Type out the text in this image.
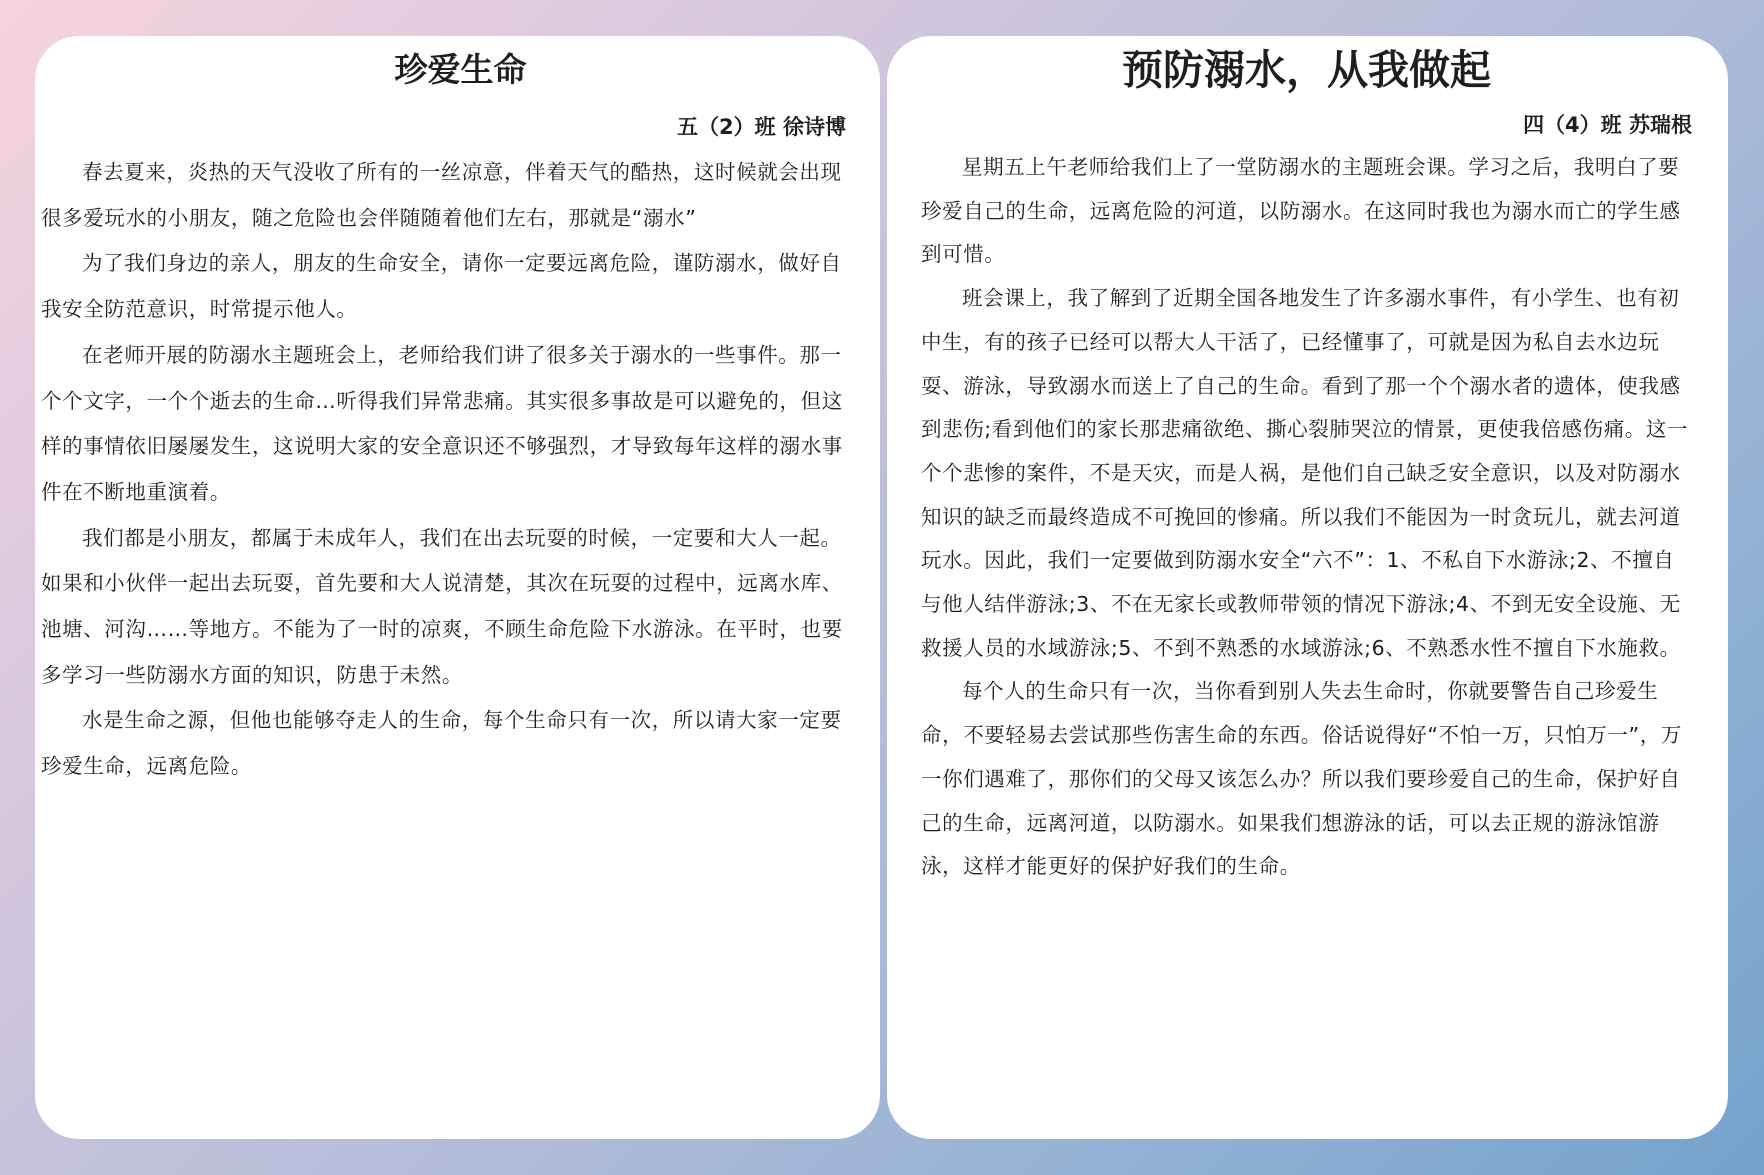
珍爱生命
五（2）班 徐诗博

春去夏来，炎热的天气没收了所有的一丝凉意，伴着天气的酷热，这时候就会出现很多爱玩水的小朋友，随之危险也会伴随随着他们左右，那就是“溺水”

为了我们身边的亲人，朋友的生命安全，请你一定要远离危险，谨防溺水，做好自我安全防范意识，时常提示他人。

在老师开展的防溺水主题班会上，老师给我们讲了很多关于溺水的一些事件。那一个个文字，一个个逝去的生命…听得我们异常悲痛。其实很多事故是可以避免的，但这样的事情依旧屡屡发生，这说明大家的安全意识还不够强烈，才导致每年这样的溺水事件在不断地重演着。

我们都是小朋友，都属于未成年人，我们在出去玩耍的时候，一定要和大人一起。如果和小伙伴一起出去玩耍，首先要和大人说清楚，其次在玩耍的过程中，远离水库、池塘、河沟……等地方。不能为了一时的凉爽，不顾生命危险下水游泳。在平时，也要多学习一些防溺水方面的知识，防患于未然。

水是生命之源，但他也能够夺走人的生命，每个生命只有一次，所以请大家一定要珍爱生命，远离危险。

预防溺水，从我做起
四（4）班 苏瑞根

星期五上午老师给我们上了一堂防溺水的主题班会课。学习之后，我明白了要珍爱自己的生命，远离危险的河道，以防溺水。在这同时我也为溺水而亡的学生感到可惜。

班会课上，我了解到了近期全国各地发生了许多溺水事件，有小学生、也有初中生，有的孩子已经可以帮大人干活了，已经懂事了，可就是因为私自去水边玩耍、游泳，导致溺水而送上了自己的生命。看到了那一个个溺水者的遗体，使我感到悲伤;看到他们的家长那悲痛欲绝、撕心裂肺哭泣的情景，更使我倍感伤痛。这一个个悲惨的案件，不是天灾，而是人祸，是他们自己缺乏安全意识，以及对防溺水知识的缺乏而最终造成不可挽回的惨痛。所以我们不能因为一时贪玩儿，就去河道玩水。因此，我们一定要做到防溺水安全“六不”：1、不私自下水游泳;2、不擅自与他人结伴游泳;3、不在无家长或教师带领的情况下游泳;4、不到无安全设施、无救援人员的水域游泳;5、不到不熟悉的水域游泳;6、不熟悉水性不擅自下水施救。

每个人的生命只有一次，当你看到别人失去生命时，你就要警告自己珍爱生命，不要轻易去尝试那些伤害生命的东西。俗话说得好“不怕一万，只怕万一”，万一你们遇难了，那你们的父母又该怎么办？所以我们要珍爱自己的生命，保护好自己的生命，远离河道，以防溺水。如果我们想游泳的话，可以去正规的游泳馆游泳，这样才能更好的保护好我们的生命。
